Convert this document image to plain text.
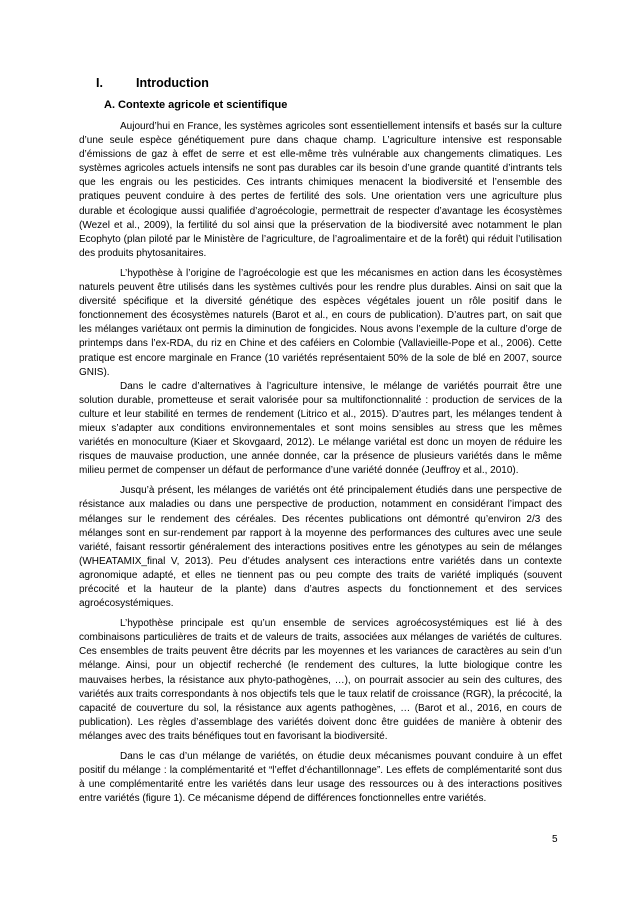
I.	Introduction
A. Contexte agricole et scientifique

Aujourd’hui en France, les systèmes agricoles sont essentiellement intensifs et basés sur la culture d’une seule espèce génétiquement pure dans chaque champ. L’agriculture intensive est responsable d’émissions de gaz à effet de serre et est elle-même très vulnérable aux changements climatiques. Les systèmes agricoles actuels intensifs ne sont pas durables car ils besoin d’une grande quantité d’intrants tels que les engrais ou les pesticides. Ces intrants chimiques menacent la biodiversité et l’ensemble des pratiques peuvent conduire à des pertes de fertilité des sols. Une orientation vers une agriculture plus durable et écologique aussi qualifiée d’agroécologie, permettrait de respecter d’avantage les écosystèmes (Wezel et al., 2009), la fertilité du sol ainsi que la préservation de la biodiversité avec notamment le plan Ecophyto (plan piloté par le Ministère de l’agriculture, de l’agroalimentaire et de la forêt) qui réduit l’utilisation des produits phytosanitaires.

L’hypothèse à l’origine de l’agroécologie est que les mécanismes en action dans les écosystèmes naturels peuvent être utilisés dans les systèmes cultivés pour les rendre plus durables. Ainsi on sait que la diversité spécifique et la diversité génétique des espèces végétales jouent un rôle positif dans le fonctionnement des écosystèmes naturels (Barot et al., en cours de publication). D’autres part, on sait que les mélanges variétaux ont permis la diminution de fongicides. Nous avons l’exemple de la culture d’orge de printemps dans l’ex-RDA, du riz en Chine et des caféiers en Colombie (Vallavieille-Pope et al., 2006). Cette pratique est encore marginale en France (10 variétés représentaient 50% de la sole de blé en 2007, source GNIS).

Dans le cadre d’alternatives à l’agriculture intensive, le mélange de variétés pourrait être une solution durable, prometteuse et serait valorisée pour sa multifonctionnalité : production de services de la culture et leur stabilité en termes de rendement (Litrico et al., 2015). D’autres part, les mélanges tendent à mieux s’adapter aux conditions environnementales et sont moins sensibles au stress que les mêmes variétés en monoculture (Kiaer et Skovgaard, 2012). Le mélange variétal est donc un moyen de réduire les risques de mauvaise production, une année donnée, car la présence de plusieurs variétés dans le même milieu permet de compenser un défaut de performance d’une variété donnée (Jeuffroy et al., 2010).

Jusqu’à présent, les mélanges de variétés ont été principalement étudiés dans une perspective de résistance aux maladies ou dans une perspective de production, notamment en considérant l’impact des mélanges sur le rendement des céréales. Des récentes publications ont démontré qu’environ 2/3 des mélanges sont en sur-rendement par rapport à la moyenne des performances des cultures avec une seule variété, faisant ressortir généralement des interactions positives entre les génotypes au sein de mélanges (WHEATAMIX_final V, 2013). Peu d’études analysent ces interactions entre variétés dans un contexte agronomique adapté, et elles ne tiennent pas ou peu compte des traits de variété impliqués (souvent précocité et la hauteur de la plante) dans d’autres aspects du fonctionnement et des services agroécosystémiques.

L’hypothèse principale est qu’un ensemble de services agroécosystémiques est lié à des combinaisons particulières de traits et de valeurs de traits, associées aux mélanges de variétés de cultures. Ces ensembles de traits peuvent être décrits par les moyennes et les variances de caractères au sein d’un mélange. Ainsi, pour un objectif recherché (le rendement des cultures, la lutte biologique contre les mauvaises herbes, la résistance aux phyto-pathogènes, …), on pourrait associer au sein des cultures, des variétés aux traits correspondants à nos objectifs tels que le taux relatif de croissance (RGR), la précocité, la capacité de couverture du sol, la résistance aux agents pathogènes, … (Barot et al., 2016, en cours de publication). Les règles d’assemblage des variétés doivent donc être guidées de manière à obtenir des mélanges avec des traits bénéfiques tout en favorisant la biodiversité.

Dans le cas d’un mélange de variétés, on étudie deux mécanismes pouvant conduire à un effet positif du mélange : la complémentarité et “l’effet d’échantillonnage”. Les effets de complémentarité sont dus à une complémentarité entre les variétés dans leur usage des ressources ou à des interactions positives entre variétés (figure 1). Ce mécanisme dépend de différences fonctionnelles entre variétés.

5
